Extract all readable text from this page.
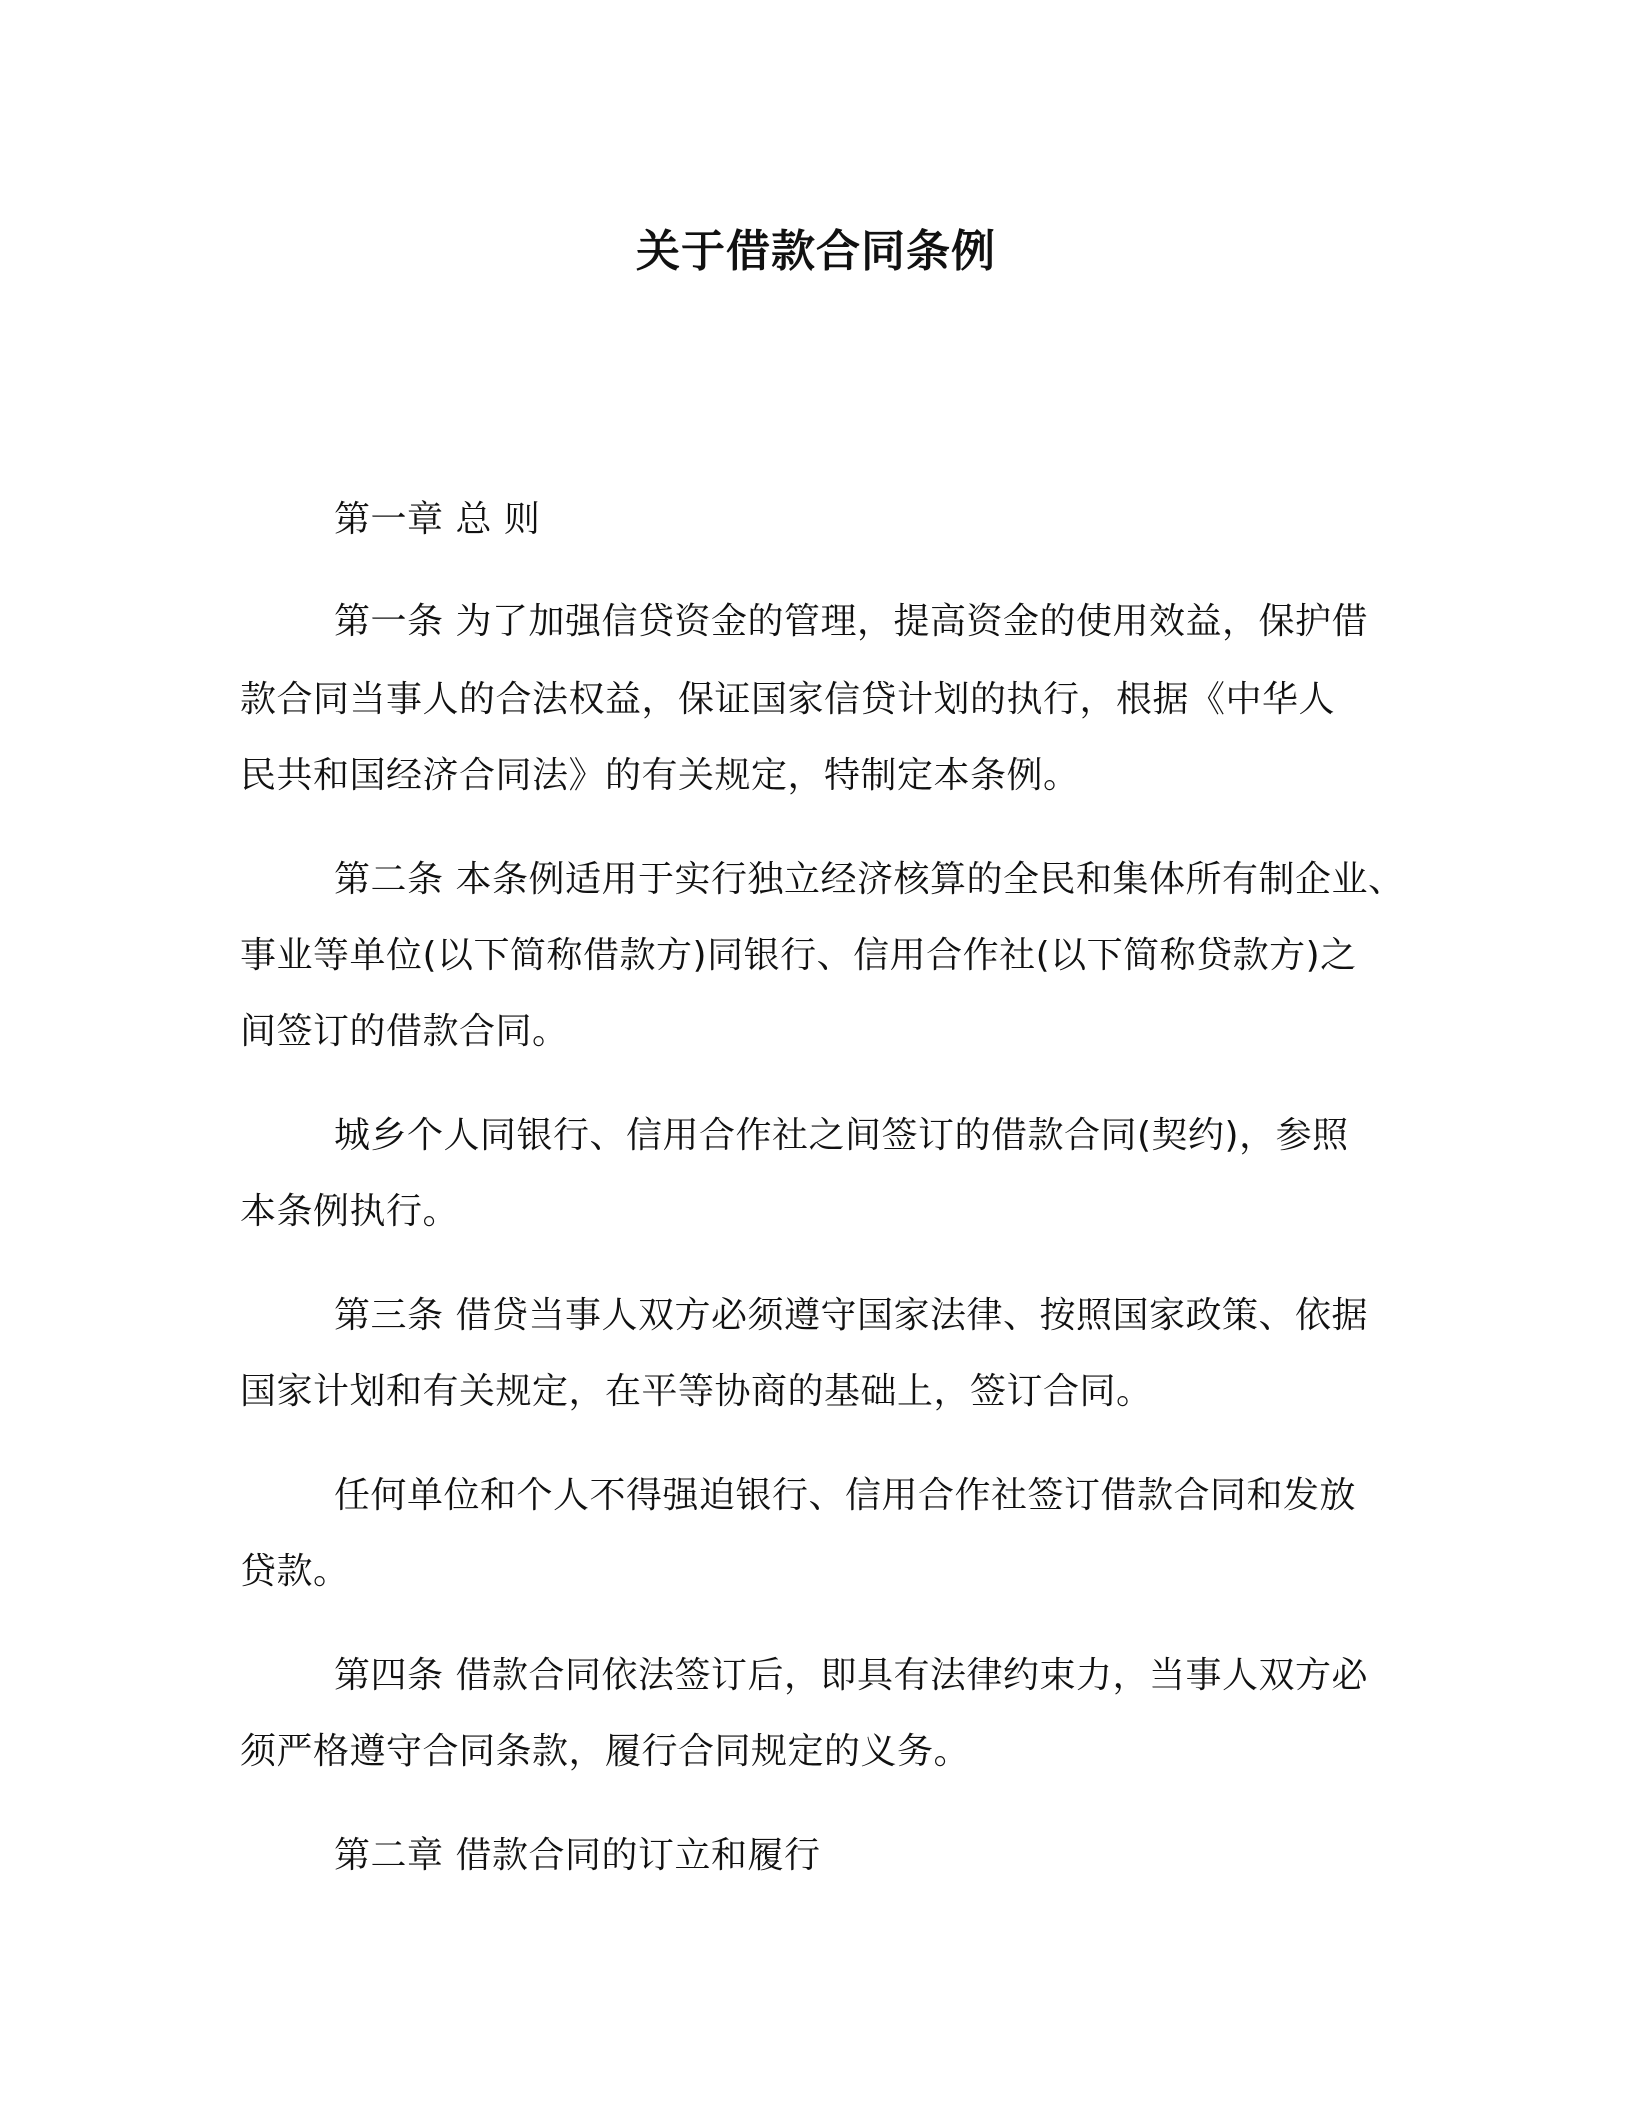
关于借款合同条例
第一章 总 则
第一条 为了加强信贷资金的管理，提高资金的使用效益，保护借
款合同当事人的合法权益，保证国家信贷计划的执行，根据《中华人
民共和国经济合同法》的有关规定，特制定本条例。
第二条 本条例适用于实行独立经济核算的全民和集体所有制企业、
事业等单位(以下简称借款方)同银行、信用合作社(以下简称贷款方)之
间签订的借款合同。
城乡个人同银行、信用合作社之间签订的借款合同(契约)，参照
本条例执行。
第三条 借贷当事人双方必须遵守国家法律、按照国家政策、依据
国家计划和有关规定，在平等协商的基础上，签订合同。
任何单位和个人不得强迫银行、信用合作社签订借款合同和发放
贷款。
第四条 借款合同依法签订后，即具有法律约束力，当事人双方必
须严格遵守合同条款，履行合同规定的义务。
第二章 借款合同的订立和履行
